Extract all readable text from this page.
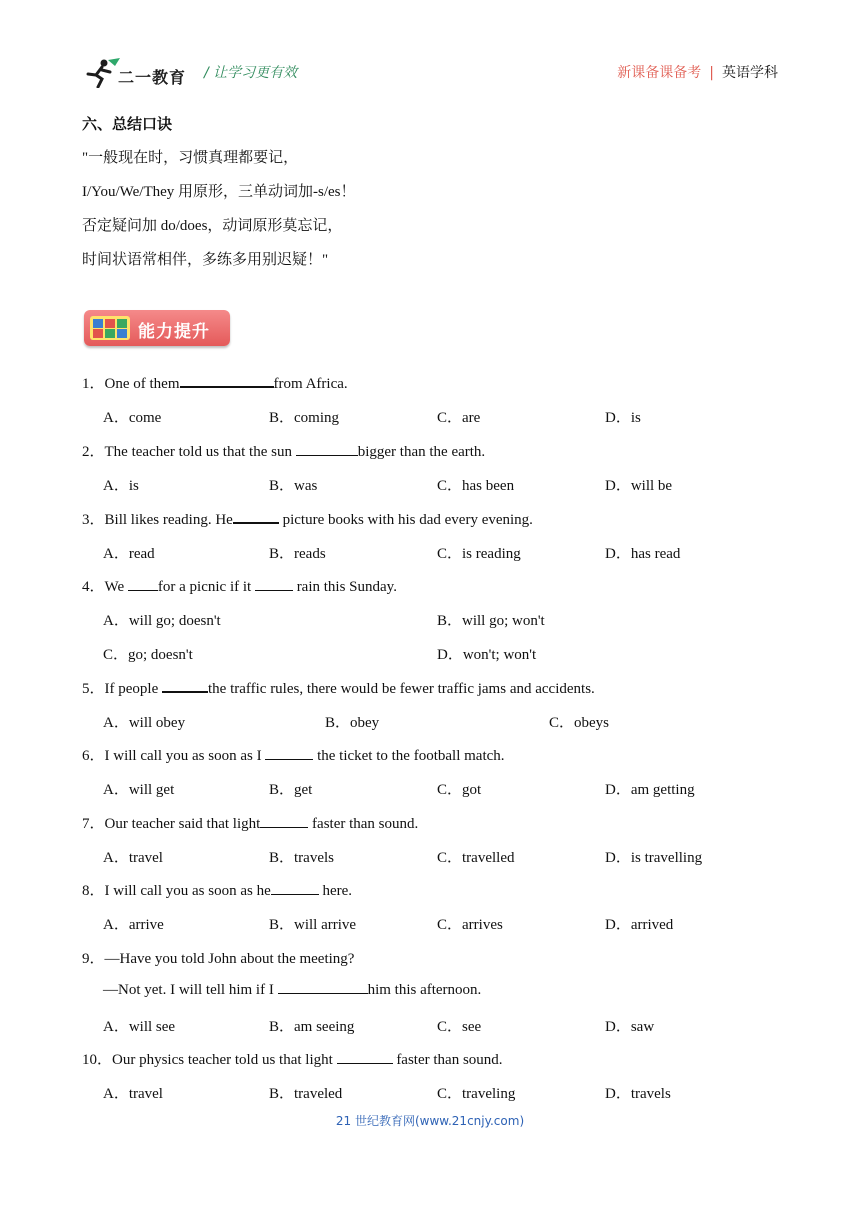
二一教育 / 让学习更有效	新课备课备考 | 英语学科
六、总结口诀
"一般现在时，习惯真理都要记，
I/You/We/They 用原形，三单动词加-s/es！
否定疑问加 do/does，动词原形莫忘记，
时间状语常相伴，多练多用别迟疑！"
能力提升
1．One of them	from Africa.
A．come	B．coming	C．are	D．is
2．The teacher told us that the sun	bigger than the earth.
A．is	B．was	C．has been	D．will be
3．Bill likes reading. He	picture books with his dad every evening.
A．read	B．reads	C．is reading	D．has read
4．We for a picnic if it	rain this Sunday.
A．will go; doesn't	B．will go; won't
C．go; doesn't	D．won't; won't
5．If people	the traffic rules, there would be fewer traffic jams and accidents.
A．will obey	B．obey	C．obeys
6．I will call you as soon as I	the ticket to the football match.
A．will get	B．get	C．got	D．am getting
7．Our teacher said that light	faster than sound.
A．travel	B．travels	C．travelled	D．is travelling
8．I will call you as soon as he	here.
A．arrive	B．will arrive	C．arrives	D．arrived
9．—Have you told John about the meeting?
—Not yet. I will tell him if I	him this afternoon.
A．will see	B．am seeing	C．see	D．saw
10．Our physics teacher told us that light	faster than sound.
A．travel	B．traveled	C．traveling	D．travels
21 世纪教育网(www.21cnjy.com)
